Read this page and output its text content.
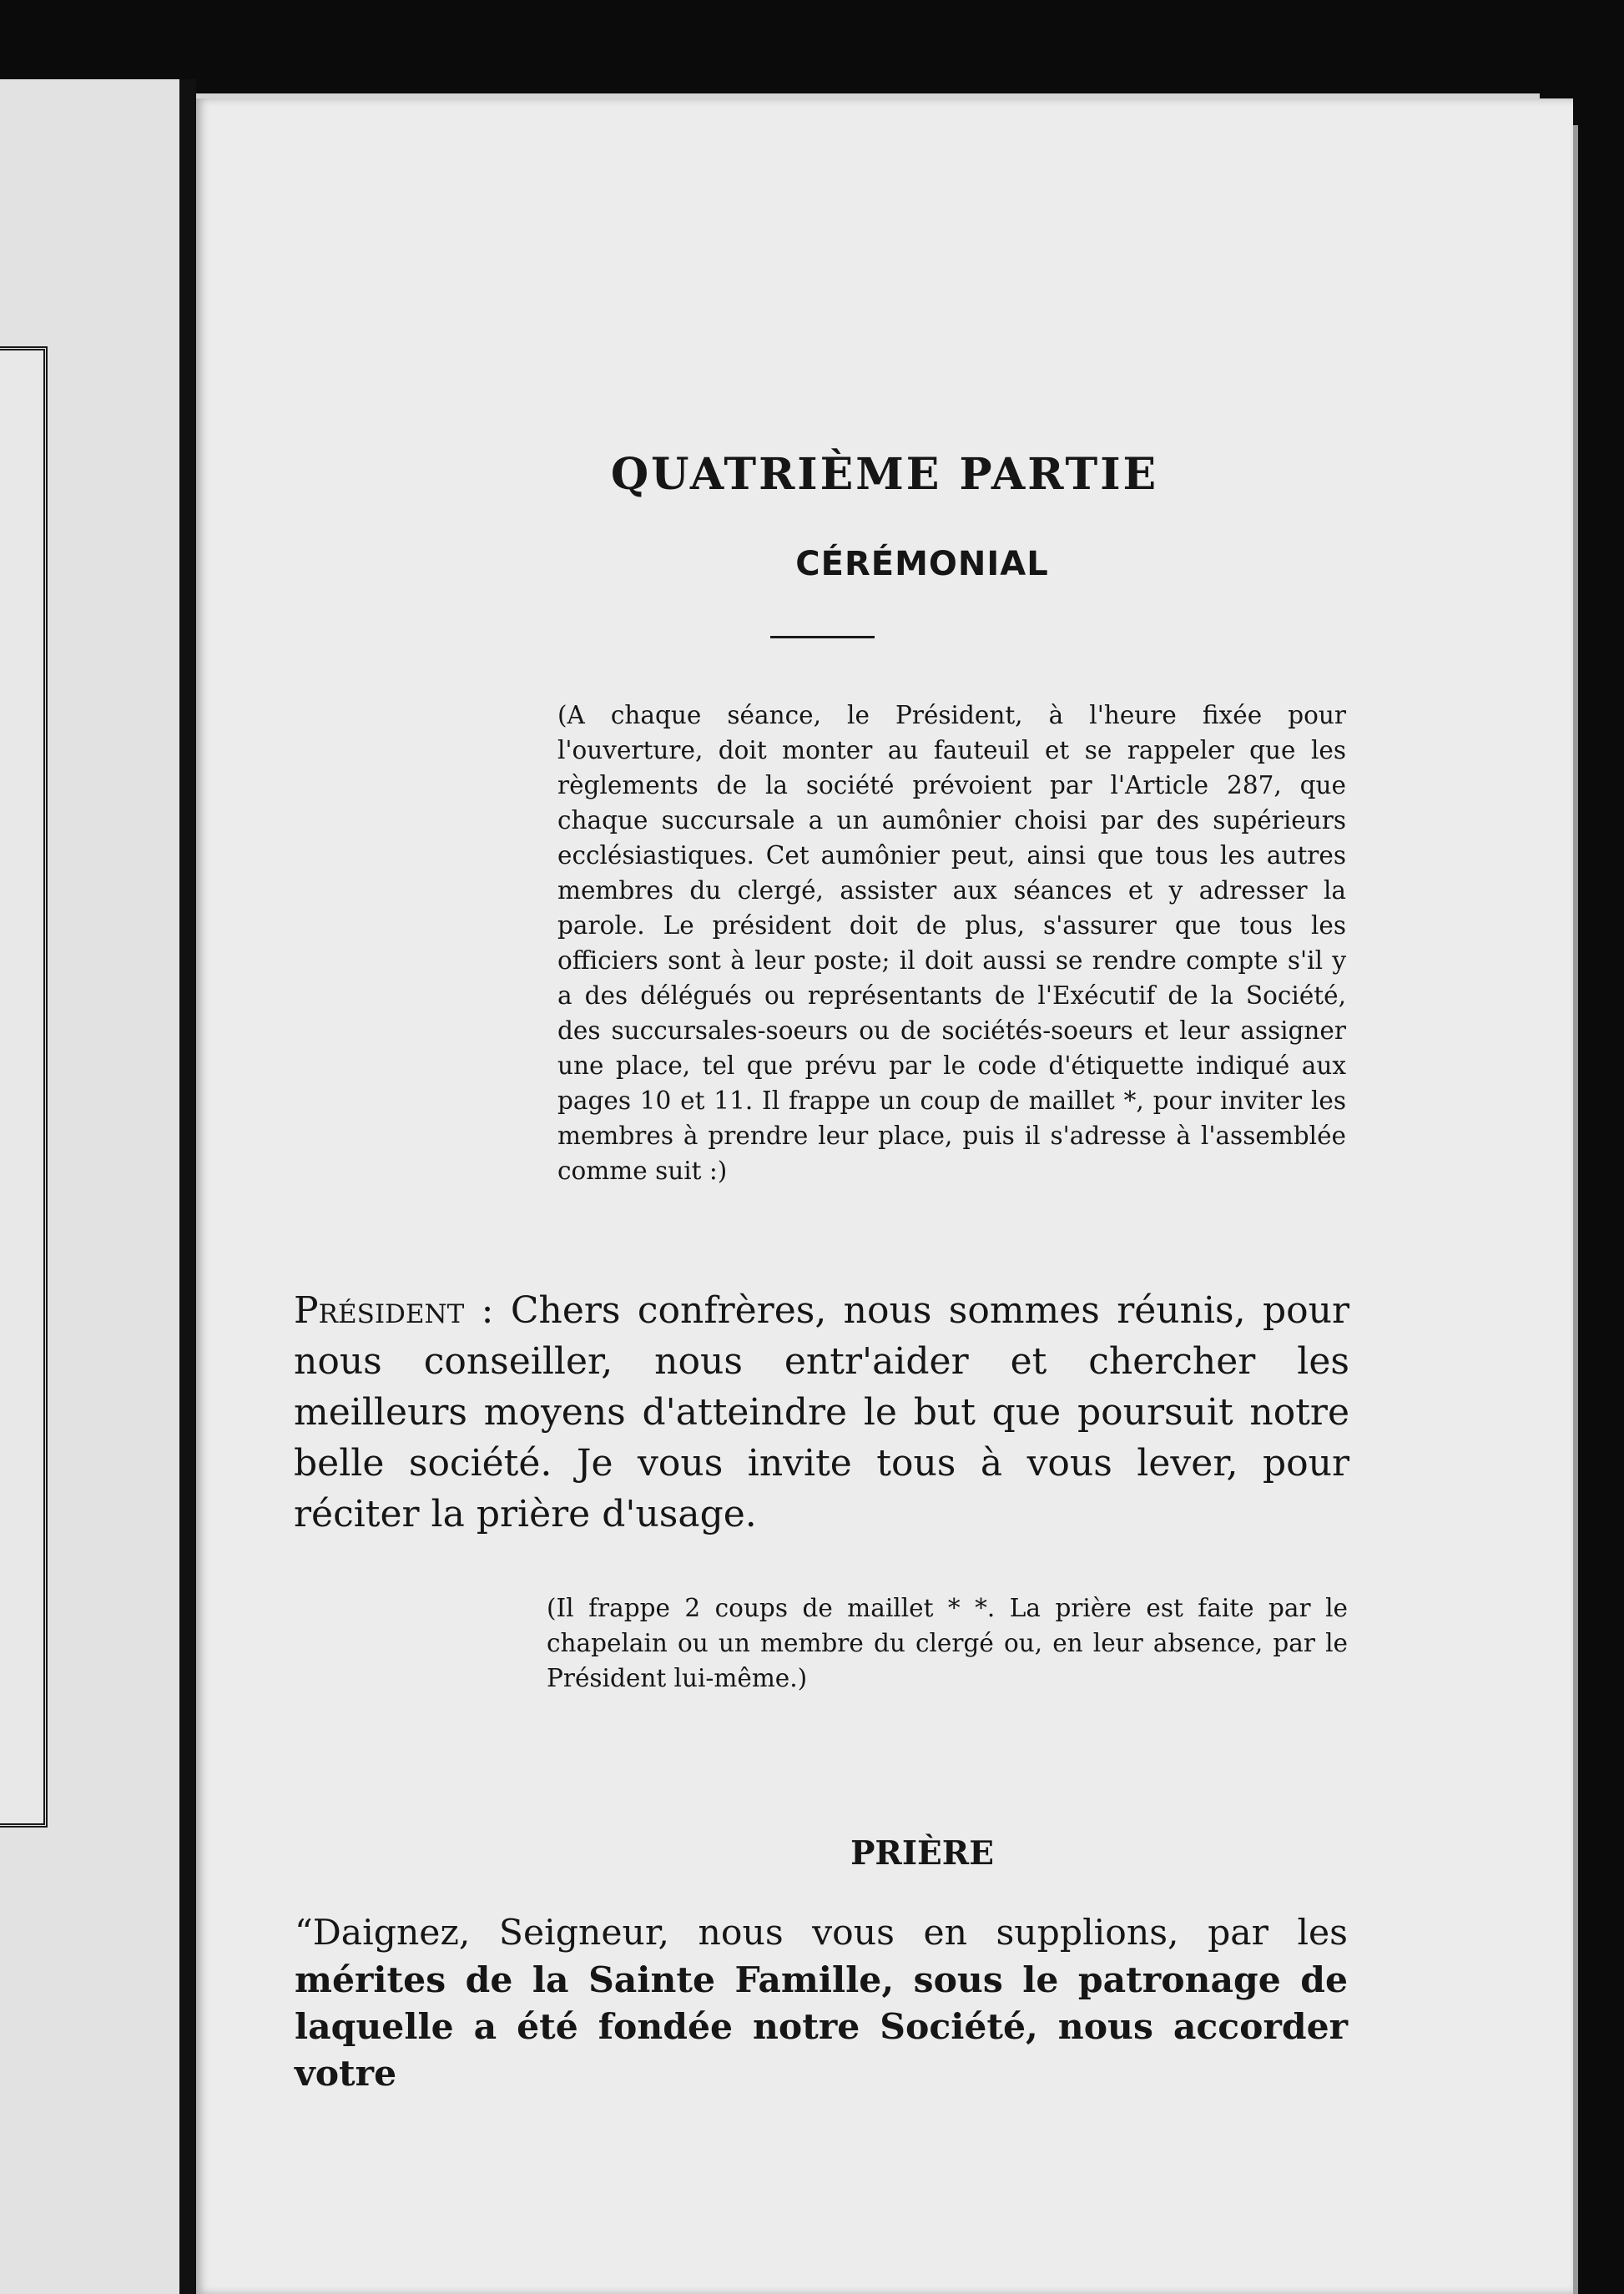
QUATRIÈME PARTIE
CÉRÉMONIAL
(A chaque séance, le Président, à l'heure fixée pour l'ouverture, doit monter au fauteuil et se rappeler que les règlements de la société prévoient par l'Article 287, que chaque succursale a un aumônier choisi par des supérieurs ecclésiastiques. Cet aumônier peut, ainsi que tous les autres membres du clergé, assister aux séances et y adresser la parole. Le président doit de plus, s'assurer que tous les officiers sont à leur poste; il doit aussi se rendre compte s'il y a des délégués ou représentants de l'Exécutif de la Société, des succursales-soeurs ou de sociétés-soeurs et leur assigner une place, tel que prévu par le code d'étiquette indiqué aux pages 10 et 11. Il frappe un coup de maillet *, pour inviter les membres à prendre leur place, puis il s'adresse à l'assemblée comme suit :)
Président : Chers confrères, nous sommes réunis, pour nous conseiller, nous entr'aider et chercher les meilleurs moyens d'atteindre le but que poursuit notre belle société. Je vous invite tous à vous lever, pour réciter la prière d'usage.
(Il frappe 2 coups de maillet * *. La prière est faite par le chapelain ou un membre du clergé ou, en leur absence, par le Président lui-même.)
PRIÈRE
“Daignez, Seigneur, nous vous en supplions, par les mérites de la Sainte Famille, sous le patronage de laquelle a été fondée notre Société, nous accorder votre
